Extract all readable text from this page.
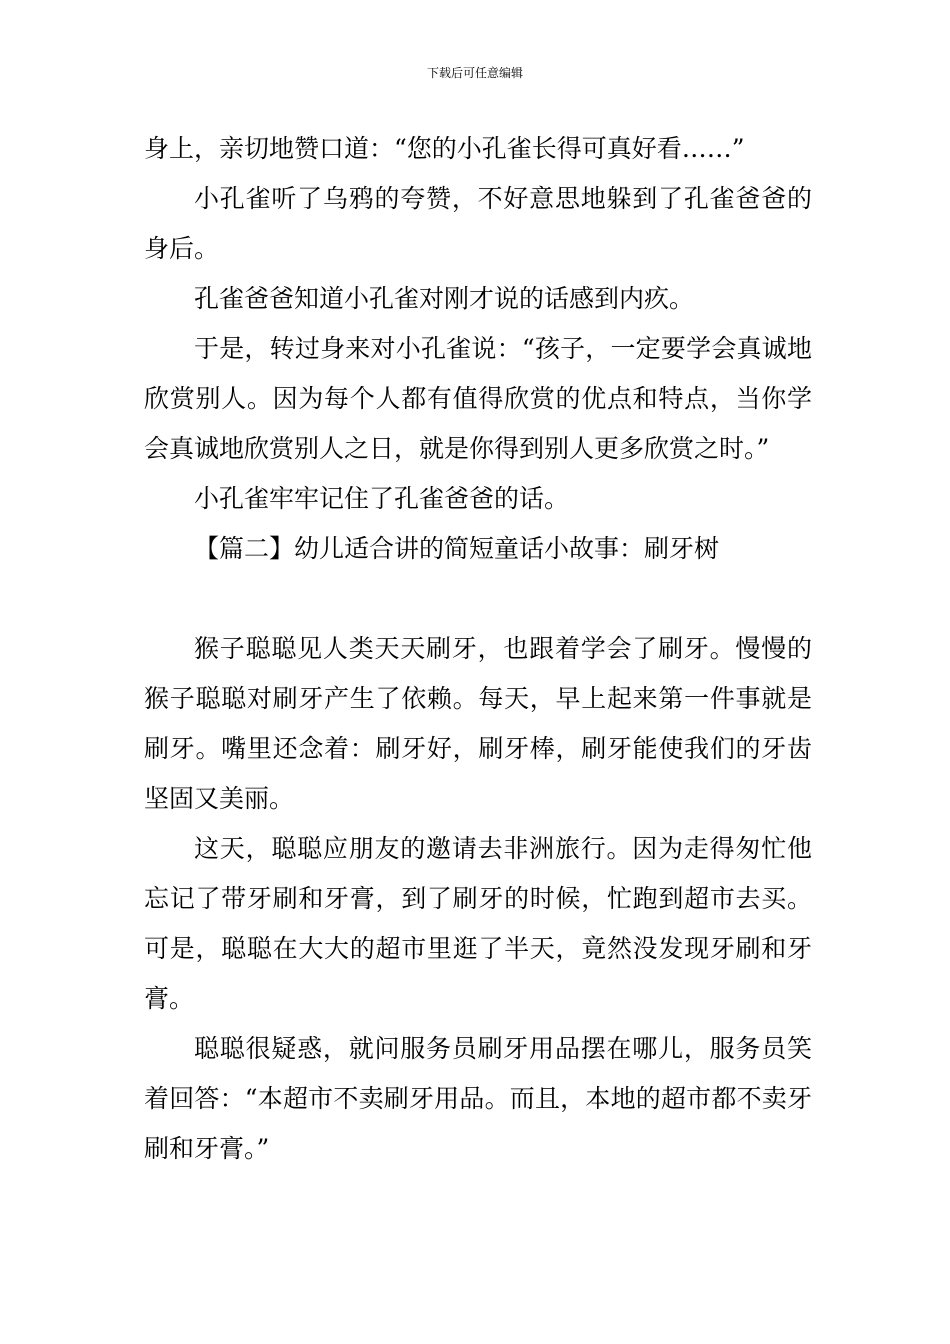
下载后可任意编辑

身上，亲切地赞口道：“您的小孔雀长得可真好看……”

小孔雀听了乌鸦的夸赞，不好意思地躲到了孔雀爸爸的身后。

孔雀爸爸知道小孔雀对刚才说的话感到内疚。

于是，转过身来对小孔雀说：“孩子，一定要学会真诚地欣赏别人。因为每个人都有值得欣赏的优点和特点，当你学会真诚地欣赏别人之日，就是你得到别人更多欣赏之时。”

小孔雀牢牢记住了孔雀爸爸的话。

【篇二】幼儿适合讲的简短童话小故事：刷牙树

猴子聪聪见人类天天刷牙，也跟着学会了刷牙。慢慢的猴子聪聪对刷牙产生了依赖。每天，早上起来第一件事就是刷牙。嘴里还念着：刷牙好，刷牙棒，刷牙能使我们的牙齿坚固又美丽。

这天，聪聪应朋友的邀请去非洲旅行。因为走得匆忙他忘记了带牙刷和牙膏，到了刷牙的时候，忙跑到超市去买。可是，聪聪在大大的超市里逛了半天，竟然没发现牙刷和牙膏。

聪聪很疑惑，就问服务员刷牙用品摆在哪儿，服务员笑着回答：“本超市不卖刷牙用品。而且，本地的超市都不卖牙刷和牙膏。”
